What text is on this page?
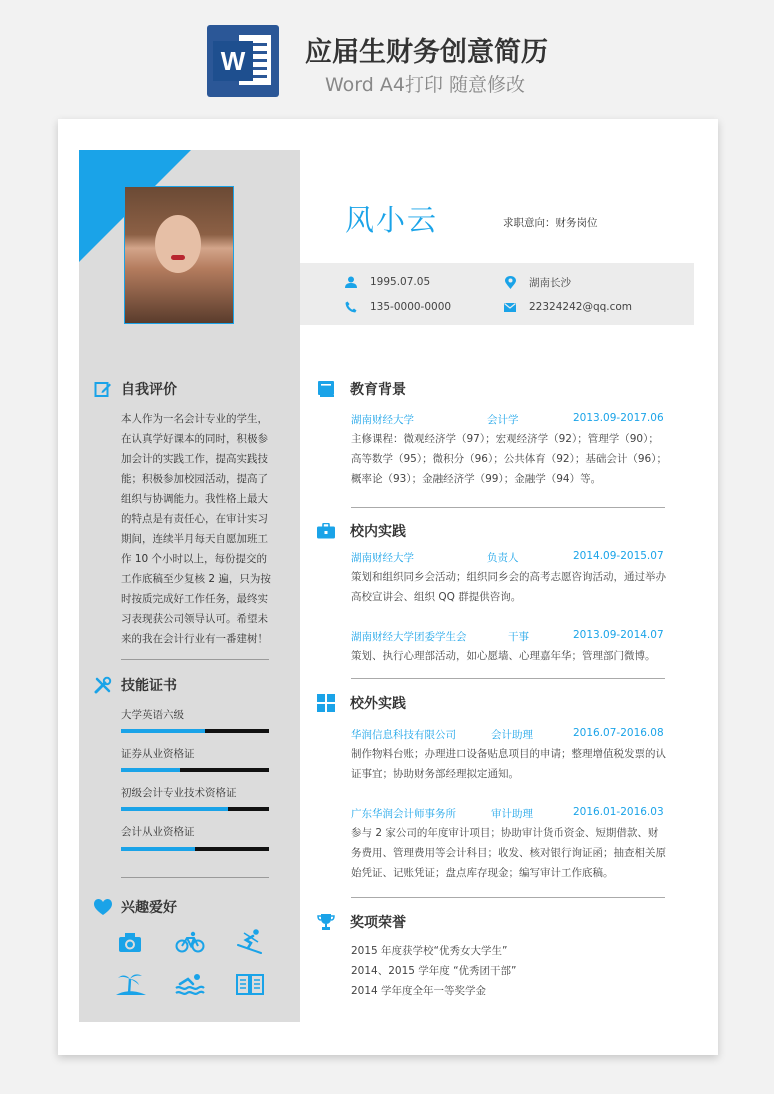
W 应届生财务创意简历
Word A4打印 随意修改
自我评价
本人作为一名会计专业的学生，在认真学好课本的同时，积极参加会计的实践工作，提高实践技能；积极参加校园活动，提高了组织与协调能力。我性格上最大的特点是有责任心，在审计实习期间，连续半月每天自愿加班工作 10 个小时以上，每份提交的工作底稿至少复核 2 遍，只为按时按质完成好工作任务，最终实习表现获公司领导认可。希望未来的我在会计行业有一番建树！
技能证书
大学英语六级
证券从业资格证
初级会计专业技术资格证
会计从业资格证
兴趣爱好
风小云	求职意向：财务岗位
1995.07.05	湖南长沙
135-0000-0000	22324242@qq.com
教育背景
湖南财经大学	会计学	2013.09-2017.06
主修课程：微观经济学（97）；宏观经济学（92）；管理学（90）；高等数学（95）；微积分（96）；公共体育（92）；基础会计（96）；概率论（93）；金融经济学（99）；金融学（94）等。
校内实践
湖南财经大学	负责人	2014.09-2015.07
策划和组织同乡会活动；组织同乡会的高考志愿咨询活动，通过举办高校宣讲会、组织 QQ 群提供咨询。
湖南财经大学团委学生会	干事	2013.09-2014.07
策划、执行心理部活动，如心愿墙、心理嘉年华；管理部门微博。
校外实践
华润信息科技有限公司	会计助理	2016.07-2016.08
制作物料台账；办理进口设备贴息项目的申请；整理增值税发票的认证事宜；协助财务部经理拟定通知。
广东华润会计师事务所	审计助理	2016.01-2016.03
参与 2 家公司的年度审计项目；协助审计货币资金、短期借款、财务费用、管理费用等会计科目；收发、核对银行询证函；抽查相关原始凭证、记账凭证；盘点库存现金；编写审计工作底稿。
奖项荣誉
2015 年度获学校“优秀女大学生”
2014、2015 学年度 “优秀团干部”
2014 学年度全年一等奖学金
